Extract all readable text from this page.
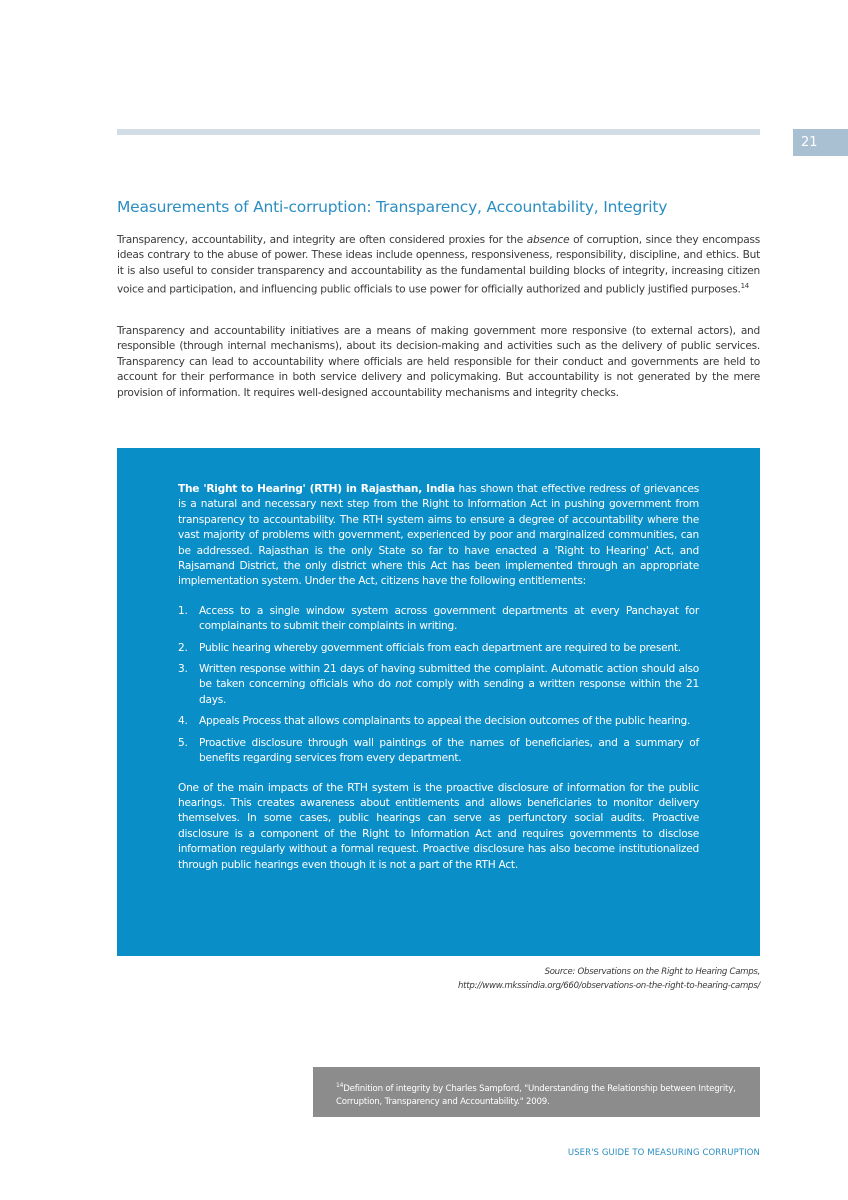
21
Measurements of Anti-corruption: Transparency, Accountability, Integrity

Transparency, accountability, and integrity are often considered proxies for the absence of corruption, since they encompass ideas contrary to the abuse of power. These ideas include openness, responsiveness, responsibility, discipline, and ethics. But it is also useful to consider transparency and accountability as the fundamental building blocks of integrity, increasing citizen voice and participation, and influencing public officials to use power for officially authorized and publicly justified purposes.$^{14}$

Transparency and accountability initiatives are a means of making government more responsive (to external actors), and responsible (through internal mechanisms), about its decision-making and activities such as the delivery of public services. Transparency can lead to accountability where officials are held responsible for their conduct and governments are held to account for their performance in both service delivery and policymaking. But accountability is not generated by the mere provision of information. It requires well-designed accountability mechanisms and integrity checks.

The 'Right to Hearing' (RTH) in Rajasthan, India has shown that effective redress of grievances is a natural and necessary next step from the Right to Information Act in pushing government from transparency to accountability. The RTH system aims to ensure a degree of accountability where the vast majority of problems with government, experienced by poor and marginalized communities, can be addressed. Rajasthan is the only State so far to have enacted a 'Right to Hearing' Act, and Rajsamand District, the only district where this Act has been implemented through an appropriate implementation system. Under the Act, citizens have the following entitlements:

1. Access to a single window system across government departments at every Panchayat for complainants to submit their complaints in writing.
2. Public hearing whereby government officials from each department are required to be present.
3. Written response within 21 days of having submitted the complaint. Automatic action should also be taken concerning officials who do not comply with sending a written response within the 21 days.
4. Appeals Process that allows complainants to appeal the decision outcomes of the public hearing.
5. Proactive disclosure through wall paintings of the names of beneficiaries, and a summary of benefits regarding services from every department.

One of the main impacts of the RTH system is the proactive disclosure of information for the public hearings. This creates awareness about entitlements and allows beneficiaries to monitor delivery themselves. In some cases, public hearings can serve as perfunctory social audits. Proactive disclosure is a component of the Right to Information Act and requires governments to disclose information regularly without a formal request. Proactive disclosure has also become institutionalized through public hearings even though it is not a part of the RTH Act.

Source: Observations on the Right to Hearing Camps,
http://www.mkssindia.org/660/observations-on-the-right-to-hearing-camps/
$^{14}$Definition of integrity by Charles Sampford, "Understanding the Relationship between Integrity, Corruption, Transparency and Accountability." 2009.
USER'S GUIDE TO MEASURING CORRUPTION
